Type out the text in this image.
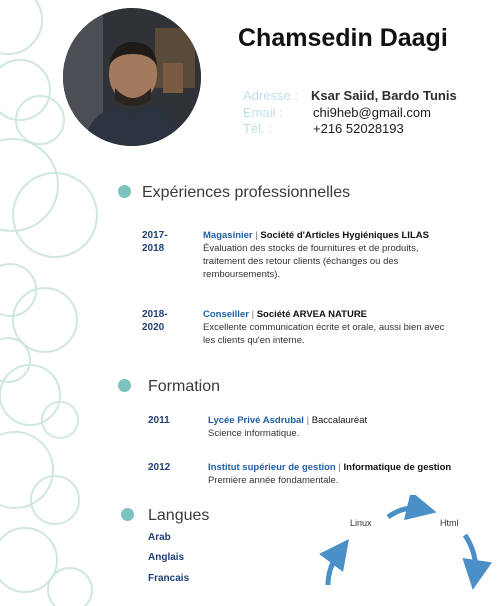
Chamsedin Daagi
Adresse : Ksar Saiid, Bardo Tunis
Email : chi9heb@gmail.com
Tél. :	+216 52028193
Expériences professionnelles
2017-
2018
Magasinier | Société d'Articles Hygiéniques LILAS
Évaluation des stocks de fournitures et de produits,
traitement des retour clients (échanges ou des
remboursements).
2018-
2020
Conseiller | Société ARVEA NATURE
Excellente communication écrite et orale, aussi bien avec
les clients qu'en interne.
Formation
2011	Lycée Privé Asdrubal | Baccalauréat
Science informatique.
2012	Institut supérieur de gestion | Informatique de gestion
Première année fondamentale.
Langues
Arab
Anglais
Francais
Linux	Html
